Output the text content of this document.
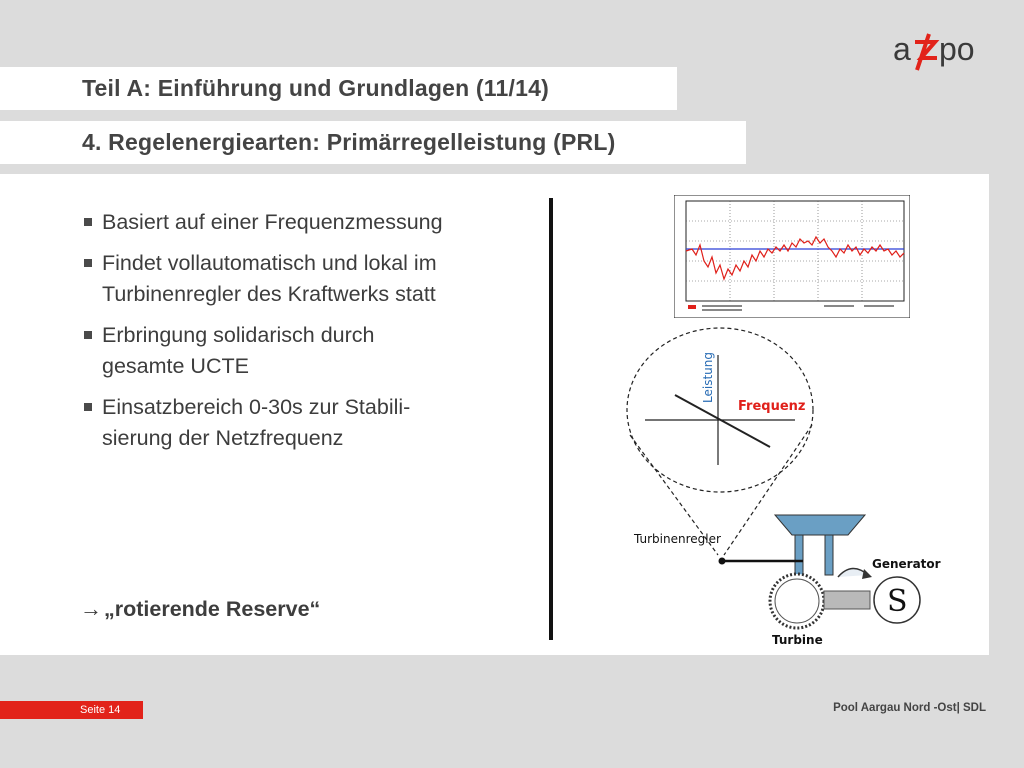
a po
Teil A: Einführung und Grundlagen (11/14)
4. Regelenergiearten: Primärregelleistung (PRL)
Basiert auf einer Frequenzmessung
Findet vollautomatisch und lokal im
Turbinenregler des Kraftwerks statt
Erbringung solidarisch durch
gesamte UCTE
Einsatzbereich 0-30s zur Stabili-
sierung der Netzfrequenz
→ „rotierende Reserve“
Leistung
Frequenz
Turbinenregler
Turbine
S
Generator
Seite 14	Pool Aargau Nord -Ost| SDL
